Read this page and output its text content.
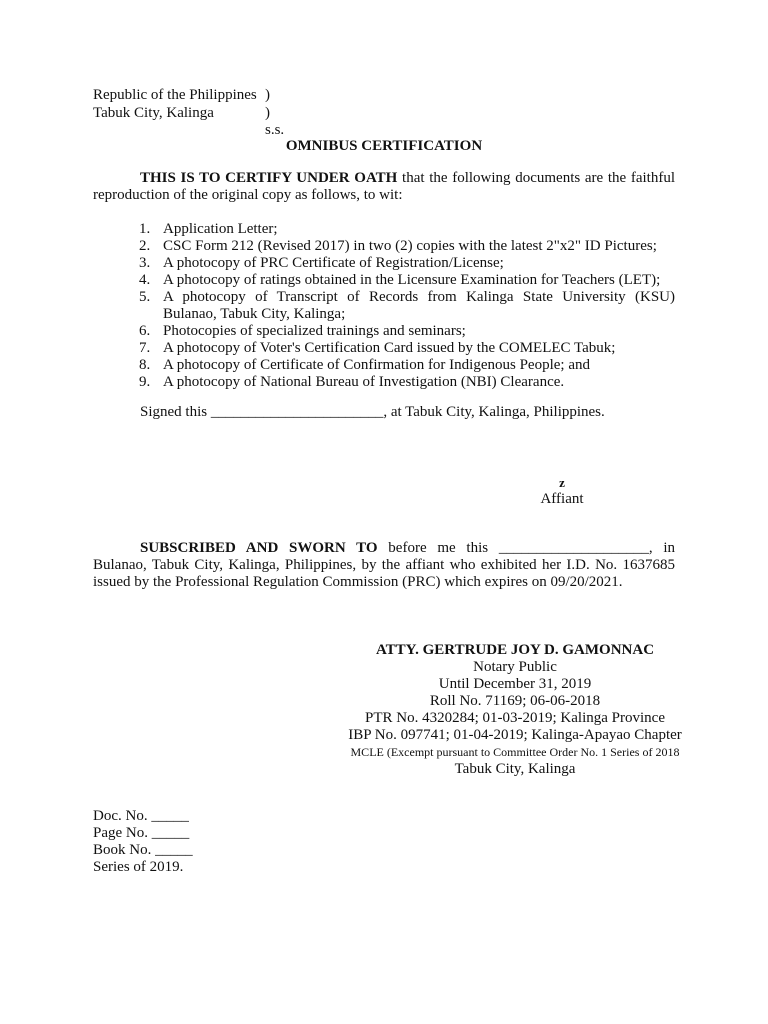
Republic of the Philippines )
Tabuk City, Kalinga	) s.s.
OMNIBUS CERTIFICATION
THIS IS TO CERTIFY UNDER OATH that the following documents are the faithful reproduction of the original copy as follows, to wit:
1. Application Letter;
2. CSC Form 212 (Revised 2017) in two (2) copies with the latest 2"x2" ID Pictures;
3. A photocopy of PRC Certificate of Registration/License;
4. A photocopy of ratings obtained in the Licensure Examination for Teachers (LET);
5. A photocopy of Transcript of Records from Kalinga State University (KSU) Bulanao, Tabuk City, Kalinga;
6. Photocopies of specialized trainings and seminars;
7. A photocopy of Voter's Certification Card issued by the COMELEC Tabuk;
8. A photocopy of Certificate of Confirmation for Indigenous People; and
9. A photocopy of National Bureau of Investigation (NBI) Clearance.
Signed this _______________________, at Tabuk City, Kalinga, Philippines.
z
Affiant
SUBSCRIBED AND SWORN TO before me this ____________________, in Bulanao, Tabuk City, Kalinga, Philippines, by the affiant who exhibited her I.D. No. 1637685 issued by the Professional Regulation Commission (PRC) which expires on 09/20/2021.
ATTY. GERTRUDE JOY D. GAMONNAC
Notary Public
Until December 31, 2019
Roll No. 71169; 06-06-2018
PTR No. 4320284; 01-03-2019; Kalinga Province
IBP No. 097741; 01-04-2019; Kalinga-Apayao Chapter
MCLE (Excempt pursuant to Committee Order No. 1 Series of 2018
Tabuk City, Kalinga
Doc. No. _____
Page No. _____
Book No. _____
Series of 2019.
